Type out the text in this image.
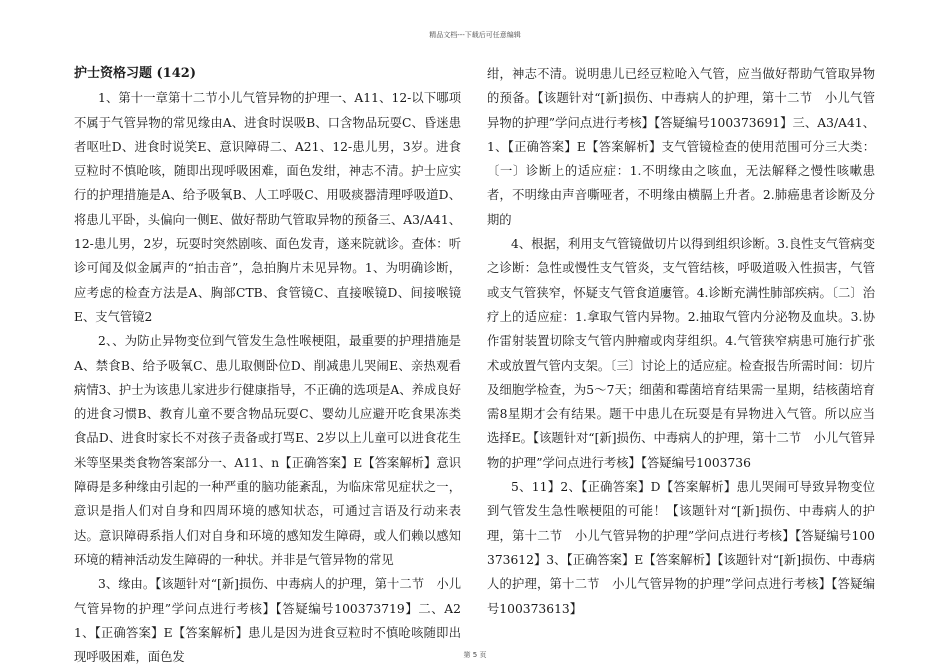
精品文档---下载后可任意编辑

护士资格习题 (142)

1、第十一章第十二节小儿气管异物的护理一、A11、12-以下哪项不属于气管异物的常见缘由A、进食时误吸B、口含物品玩耍C、昏迷患者呕吐D、进食时说笑E、意识障碍二、A21、12-患儿男，3岁。进食豆粒时不慎呛咳，随即出现呼吸困难，面色发绀，神志不清。护士应实行的护理措施是A、给予吸氧B、人工呼吸C、用吸痰器清理呼吸道D、将患儿平卧，头偏向一侧E、做好帮助气管取异物的预备三、A3/A41、12-患儿男，2岁，玩耍时突然剧咳、面色发青，遂来院就诊。查体：听诊可闻及似金属声的“拍击音”，急拍胸片未见异物。1、为明确诊断，应考虑的检查方法是A、胸部CTB、食管镜C、直接喉镜D、间接喉镜E、支气管镜2

2、、为防止异物变位到气管发生急性喉梗阻，最重要的护理措施是A、禁食B、给予吸氧C、患儿取侧卧位D、削减患儿哭闹E、亲热观看病情3、护士为该患儿家进步行健康指导，不正确的选项是A、养成良好的进食习惯B、教育儿童不要含物品玩耍C、婴幼儿应避开吃食果冻类食品D、进食时家长不对孩子责备或打骂E、2岁以上儿童可以进食花生米等坚果类食物答案部分一、A11、n【正确答案】E【答案解析】意识障碍是多种缘由引起的一种严重的脑功能紊乱，为临床常见症状之一，意识是指人们对自身和四周环境的感知状态，可通过言语及行动来表达。意识障碍系指人们对自身和环境的感知发生障碍，或人们赖以感知环境的精神活动发生障碍的一种状。并非是气管异物的常见

3、缘由。【该题针对“[新]损伤、中毒病人的护理，第十二节　小儿气管异物的护理”学问点进行考核】【答疑编号100373719】二、A21、【正确答案】E【答案解析】患儿是因为进食豆粒时不慎呛咳随即出现呼吸困难，面色发

绀，神志不清。说明患儿已经豆粒呛入气管，应当做好帮助气管取异物的预备。【该题针对“[新]损伤、中毒病人的护理，第十二节　小儿气管异物的护理”学问点进行考核】【答疑编号100373691】三、A3/A41、1、【正确答案】E【答案解析】支气管镜检查的使用范围可分三大类：〔一〕诊断上的适应症：1.不明缘由之咳血，无法解释之慢性咳嗽患者，不明缘由声音嘶哑者，不明缘由横膈上升者。2.肺癌患者诊断及分期的

4、根据，利用支气管镜做切片以得到组织诊断。3.良性支气管病变之诊断：急性或慢性支气管炎，支气管结核，呼吸道吸入性损害，气管或支气管狭窄，怀疑支气管食道廔管。4.诊断充满性肺部疾病。〔二〕治疗上的适应症：1.拿取气管内异物。2.抽取气管内分泌物及血块。3.协作雷射装置切除支气管内肿瘤或肉芽组织。4.气管狭窄病患可施行扩张术或放置气管内支架。〔三〕讨论上的适应症。检查报告所需时间：切片及细胞学检查，为5～7天；细菌和霉菌培育结果需一星期，结核菌培育需8星期才会有结果。题干中患儿在玩耍是有异物进入气管。所以应当选择E。【该题针对“[新]损伤、中毒病人的护理，第十二节　小儿气管异物的护理”学问点进行考核】【答疑编号1003736

5、11】2、【正确答案】D【答案解析】患儿哭闹可导致异物变位到气管发生急性喉梗阻的可能！【该题针对“[新]损伤、中毒病人的护理，第十二节　小儿气管异物的护理”学问点进行考核】【答疑编号100373612】3、【正确答案】E【答案解析】【该题针对“[新]损伤、中毒病人的护理，第十二节　小儿气管异物的护理”学问点进行考核】【答疑编号100373613】

第 5 页
